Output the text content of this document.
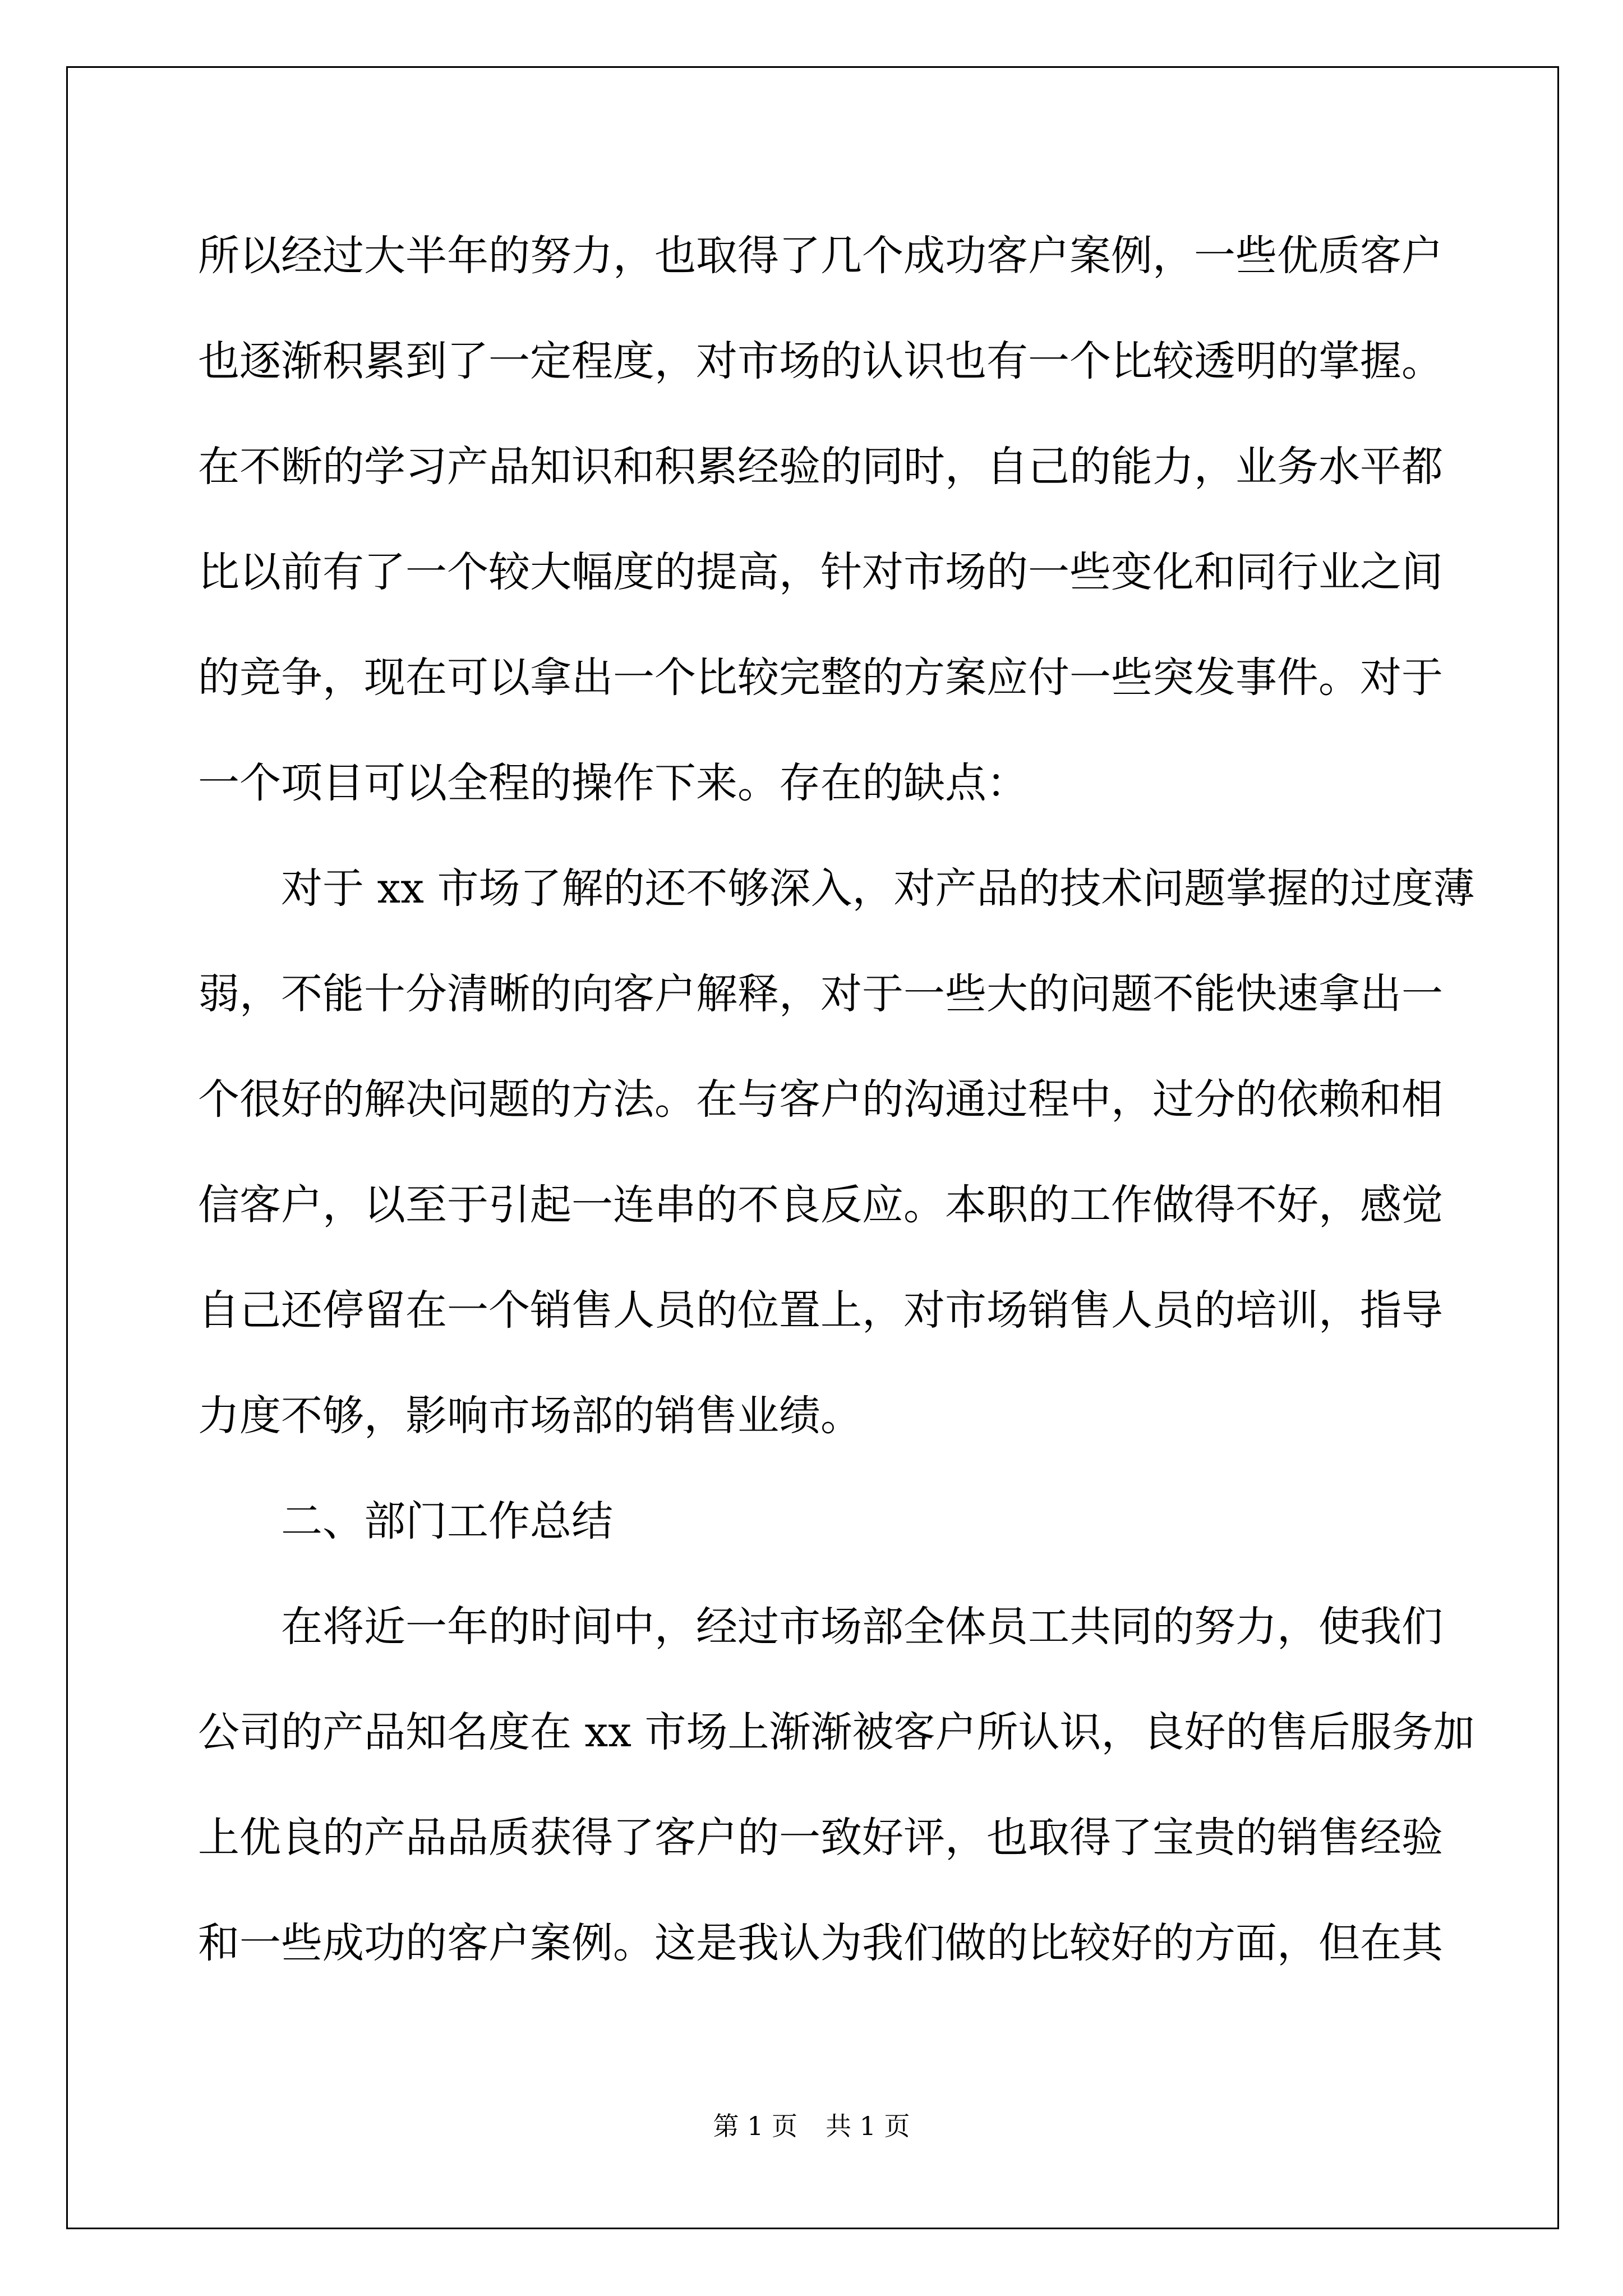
所以经过大半年的努力，也取得了几个成功客户案例，一些优质客户
也逐渐积累到了一定程度，对市场的认识也有一个比较透明的掌握。
在不断的学习产品知识和积累经验的同时，自己的能力，业务水平都
比以前有了一个较大幅度的提高，针对市场的一些变化和同行业之间
的竞争，现在可以拿出一个比较完整的方案应付一些突发事件。对于
一个项目可以全程的操作下来。存在的缺点：
对于 xx 市场了解的还不够深入，对产品的技术问题掌握的过度薄
弱，不能十分清晰的向客户解释，对于一些大的问题不能快速拿出一
个很好的解决问题的方法。在与客户的沟通过程中，过分的依赖和相
信客户，以至于引起一连串的不良反应。本职的工作做得不好，感觉
自己还停留在一个销售人员的位置上，对市场销售人员的培训，指导
力度不够，影响市场部的销售业绩。
二、部门工作总结
在将近一年的时间中，经过市场部全体员工共同的努力，使我们
公司的产品知名度在 xx 市场上渐渐被客户所认识，良好的售后服务加
上优良的产品品质获得了客户的一致好评，也取得了宝贵的销售经验
和一些成功的客户案例。这是我认为我们做的比较好的方面，但在其
第 1 页 共 1 页
